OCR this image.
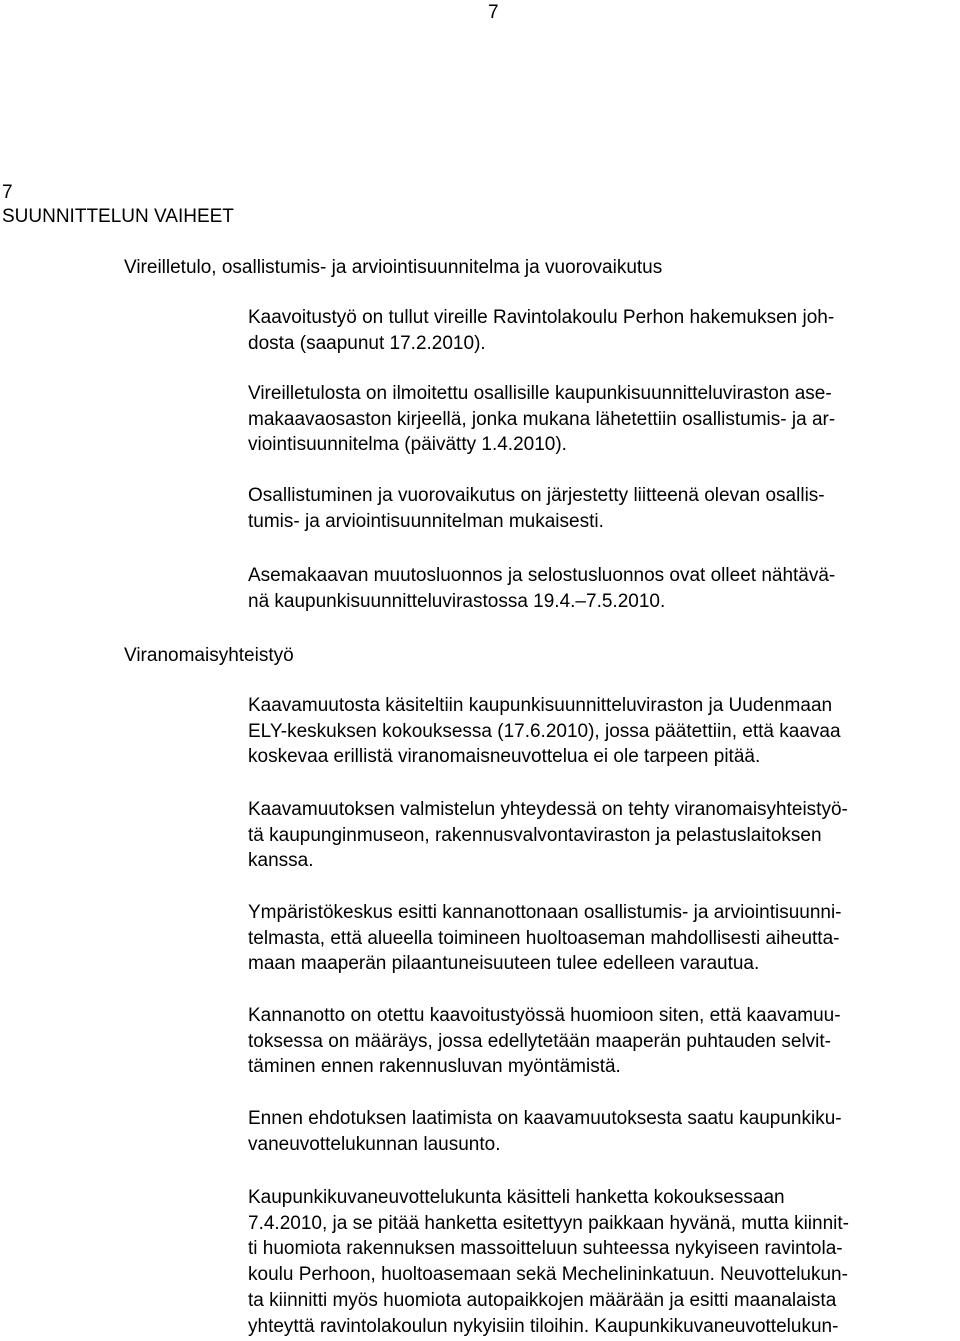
7
7
SUUNNITTELUN VAIHEET
Vireilletulo, osallistumis- ja arviointisuunnitelma ja vuorovaikutus
Kaavoitustyö on tullut vireille Ravintolakoulu Perhon hakemuksen joh-
dosta (saapunut 17.2.2010).
Vireilletulosta on ilmoitettu osallisille kaupunkisuunnitteluviraston ase-
makaavaosaston kirjeellä, jonka mukana lähetettiin osallistumis- ja ar-
viointisuunnitelma (päivätty 1.4.2010).
Osallistuminen ja vuorovaikutus on järjestetty liitteenä olevan osallis-
tumis- ja arviointisuunnitelman mukaisesti.
Asemakaavan muutosluonnos ja selostusluonnos ovat olleet nähtävä-
nä kaupunkisuunnitteluvirastossa 19.4.–7.5.2010.
Viranomaisyhteistyö
Kaavamuutosta käsiteltiin kaupunkisuunnitteluviraston ja Uudenmaan
ELY-keskuksen kokouksessa (17.6.2010), jossa päätettiin, että kaavaa
koskevaa erillistä viranomaisneuvottelua ei ole tarpeen pitää.
Kaavamuutoksen valmistelun yhteydessä on tehty viranomaisyhteistyö-
tä kaupunginmuseon, rakennusvalvontaviraston ja pelastuslaitoksen
kanssa.
Ympäristökeskus esitti kannanottonaan osallistumis- ja arviointisuunni-
telmasta, että alueella toimineen huoltoaseman mahdollisesti aiheutta-
maan maaperän pilaantuneisuuteen tulee edelleen varautua.
Kannanotto on otettu kaavoitustyössä huomioon siten, että kaavamuu-
toksessa on määräys, jossa edellytetään maaperän puhtauden selvit-
täminen ennen rakennusluvan myöntämistä.
Ennen ehdotuksen laatimista on kaavamuutoksesta saatu kaupunkiku-
vaneuvottelukunnan lausunto.
Kaupunkikuvaneuvottelukunta käsitteli hanketta kokouksessaan
7.4.2010, ja se pitää hanketta esitettyyn paikkaan hyvänä, mutta kiinnit-
ti huomiota rakennuksen massoitteluun suhteessa nykyiseen ravintola-
koulu Perhoon, huoltoasemaan sekä Mechelininkatuun. Neuvottelukun-
ta kiinnitti myös huomiota autopaikkojen määrään ja esitti maanalaista
yhteyttä ravintolakoulun nykyisiin tiloihin. Kaupunkikuvaneuvottelukun-
